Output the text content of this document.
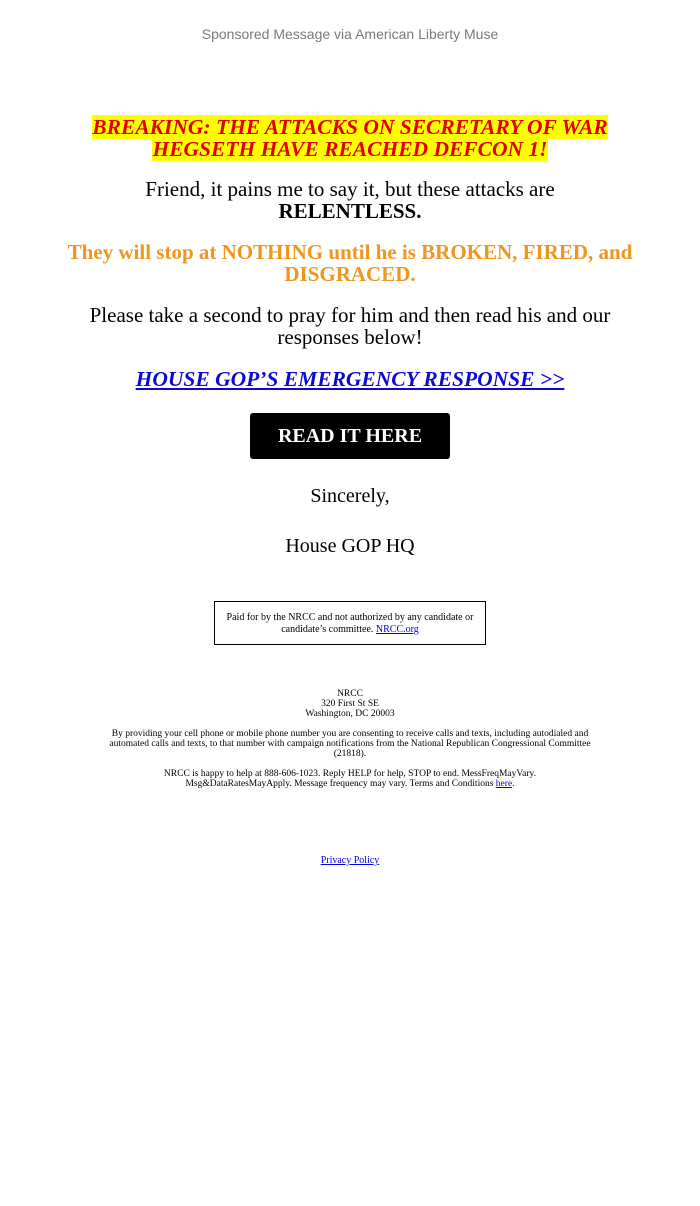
Sponsored Message via American Liberty Muse
BREAKING: THE ATTACKS ON SECRETARY OF WAR HEGSETH HAVE REACHED DEFCON 1!
Friend, it pains me to say it, but these attacks are
RELENTLESS.
They will stop at NOTHING until he is BROKEN, FIRED, and DISGRACED.
Please take a second to pray for him and then read his and our responses below!
HOUSE GOP’S EMERGENCY RESPONSE >>
READ IT HERE
Sincerely,
House GOP HQ
Paid for by the NRCC and not authorized by any candidate or candidate’s committee. NRCC.org
NRCC
320 First St SE
Washington, DC 20003
By providing your cell phone or mobile phone number you are consenting to receive calls and texts, including autodialed and automated calls and texts, to that number with campaign notifications from the National Republican Congressional Committee (21818).
NRCC is happy to help at 888-606-1023. Reply HELP for help, STOP to end. MessFreqMayVary. Msg&DataRatesMayApply. Message frequency may vary. Terms and Conditions here.
Privacy Policy
